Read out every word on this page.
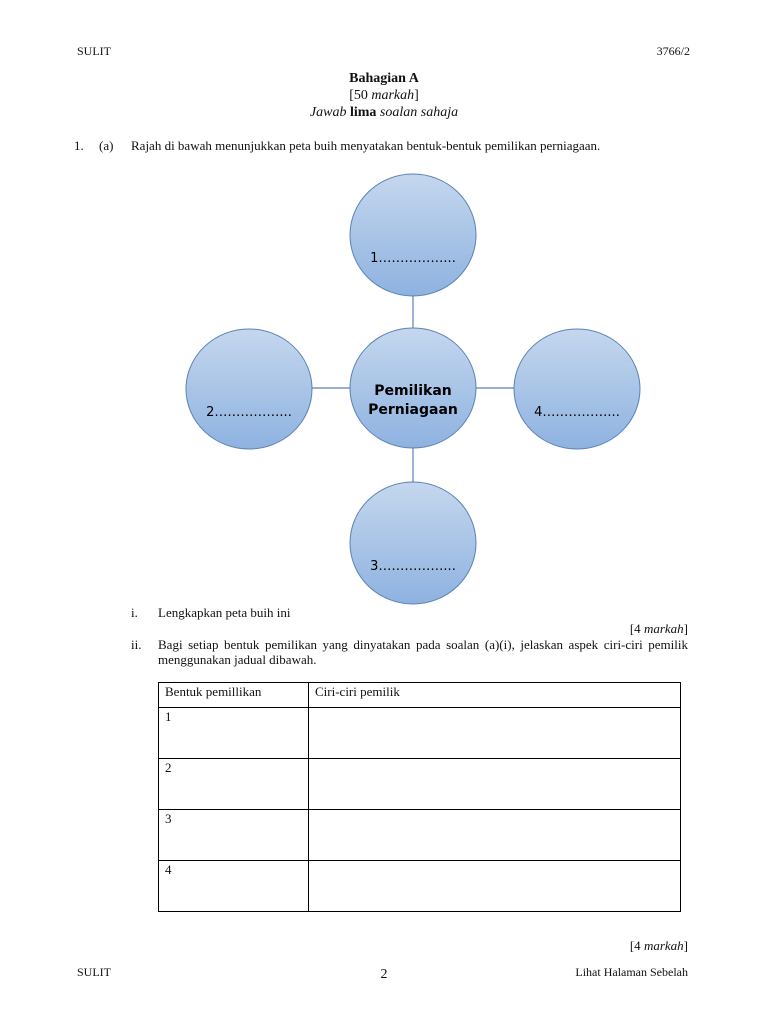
SULIT	3766/2
Bahagian A
[50 markah]
Jawab lima soalan sahaja
1. (a) Rajah di bawah menunjukkan peta buih menyatakan bentuk-bentuk pemilikan perniagaan.
1……………...
2……………...	4……………...
3……………...
Pemilikan
Perniagaan
i. Lengkapkan peta buih ini
[4 markah]
ii. Bagi setiap bentuk pemilikan yang dinyatakan pada soalan (a)(i), jelaskan aspek ciri-ciri pemilik menggunakan jadual dibawah.
Bentuk pemillikan	Ciri-ciri pemilik
1	
2	
3	
4	
[4 markah]
SULIT	2	Lihat Halaman Sebelah
